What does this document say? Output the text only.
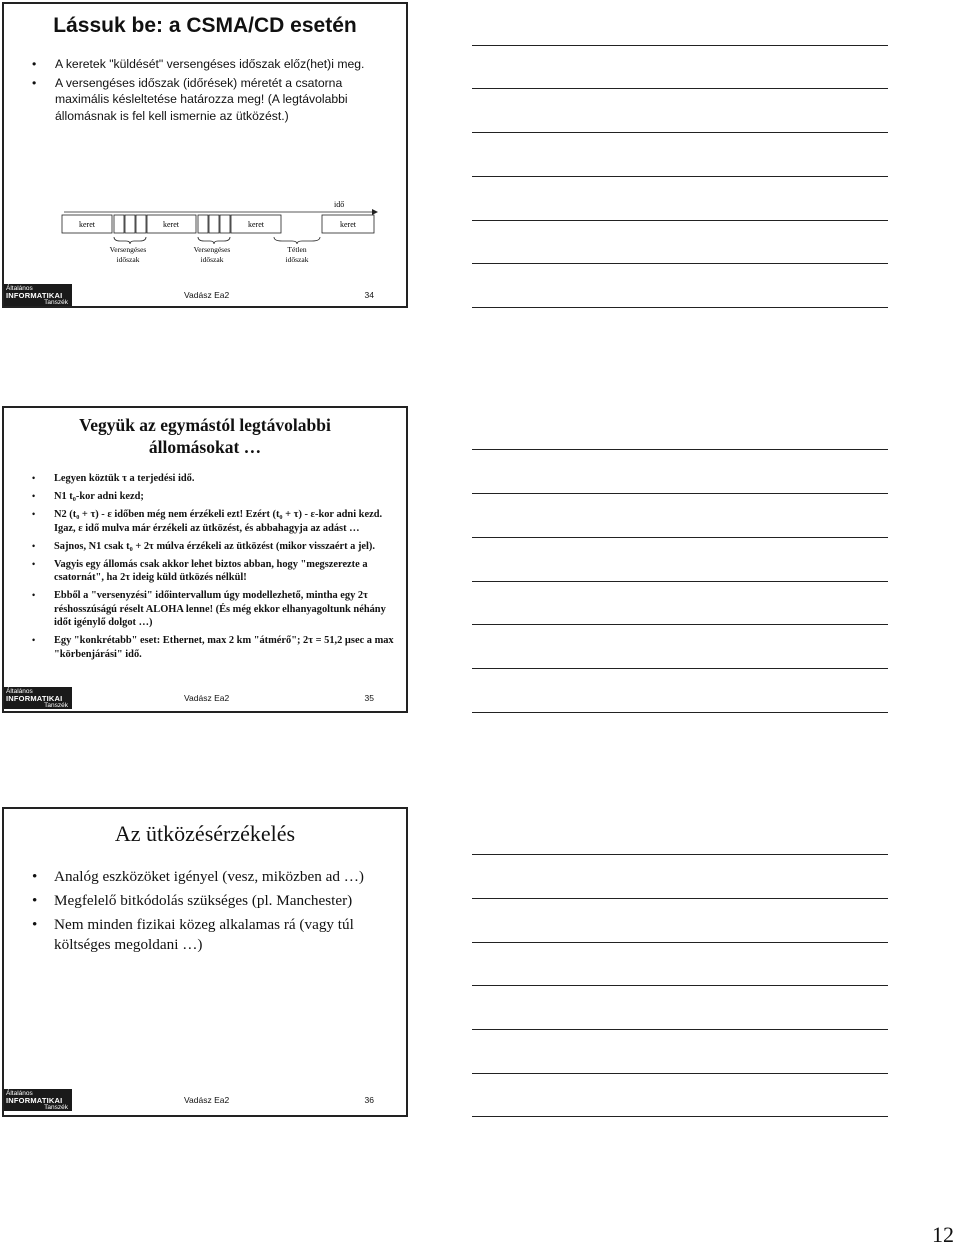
Lássuk be: a CSMA/CD esetén
• A keretek "küldését" versengéses időszak előz(het)i meg.
• A versengéses időszak (időrések) méretét a csatorna maximális késleltetése határozza meg! (A legtávolabbi állomásnak is fel kell ismernie az ütközést.)
idő
keret	keret	keret	keret
Versengéses
időszak
Versengéses
időszak
Tétlen
időszak
Általános
INFORMATIKAI
Tanszék
Vadász Ea2	34
Vegyük az egymástól legtávolabbi
állomásokat …
• Legyen köztük τ a terjedési idő.
• N1 t₀-kor adni kezd;
• N2 (t₀ + τ) - ε időben még nem érzékeli ezt! Ezért (t₀ + τ) - ε-kor adni kezd. Igaz, ε idő mulva már érzékeli az ütközést, és abbahagyja az adást …
• Sajnos, N1 csak t₀ + 2τ múlva érzékeli az ütközést (mikor visszaért a jel).
• Vagyis egy állomás csak akkor lehet biztos abban, hogy "megszerezte a csatornát", ha 2τ ideig küld ütközés nélkül!
• Ebből a "versenyzési" időintervallum úgy modellezhető, mintha egy 2τ réshosszúságú réselt ALOHA lenne! (És még ekkor elhanyagoltunk néhány időt igénylő dolgot …)
• Egy "konkrétabb" eset: Ethernet, max 2 km "átmérő"; 2τ = 51,2 µsec a max "körbenjárási" idő.
Általános
INFORMATIKAI
Tanszék
Vadász Ea2	35
Az ütközésérzékelés
• Analóg eszközöket igényel (vesz, miközben ad …)
• Megfelelő bitkódolás szükséges (pl. Manchester)
• Nem minden fizikai közeg alkalamas rá (vagy túl költséges megoldani …)
Általános
INFORMATIKAI
Tanszék
Vadász Ea2	36
12
